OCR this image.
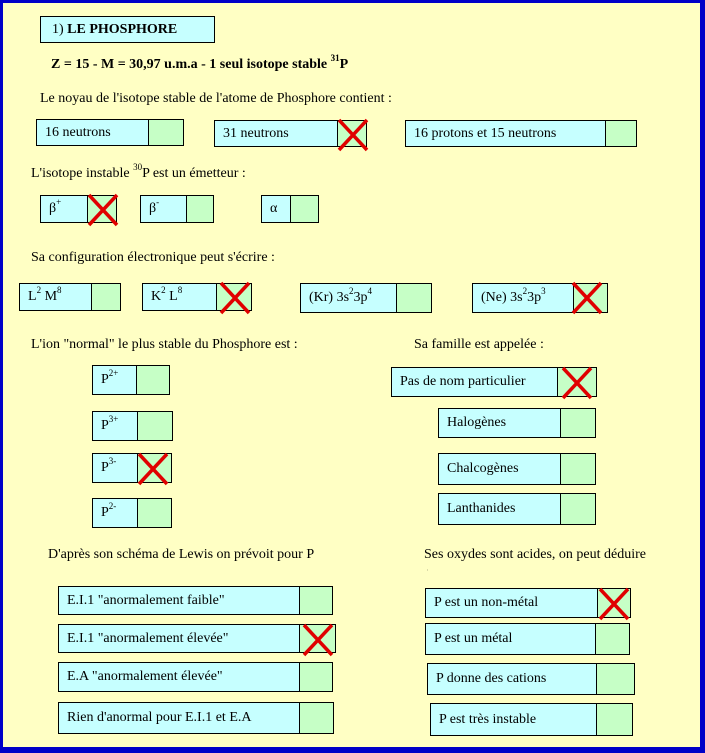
1) LE PHOSPHORE
Z = 15 - M = 30,97 u.m.a - 1 seul isotope stable $^{31}$P
Le noyau de l'isotope stable de l'atome de Phosphore contient :
16 neutrons	31 neutrons	16 protons et 15 neutrons
L'isotope instable $^{30}$P est un émetteur :
β+	β-	α
Sa configuration électronique peut s'écrire :
$L^2$ $M^8$	$K^2$ $L^8$	(Kr) $3s^23p^4$	(Ne) $3s^23p^3$
L'ion "normal" le plus stable du Phosphore est :
$P^{2+}$
$P^{3+}$
$P^{3-}$
$P^{2-}$
Sa famille est appelée :
Pas de nom particulier
Halogènes
Chalcogènes
Lanthanides
D'après son schéma de Lewis on prévoit pour P
E.I.1 "anormalement faible"
E.I.1 "anormalement élevée"
E.A "anormalement élevée"
Rien d'anormal pour E.I.1 et E.A
Ses oxydes sont acides, on peut déduire
:
P est un non-métal
P est un métal
P donne des cations
P est très instable
